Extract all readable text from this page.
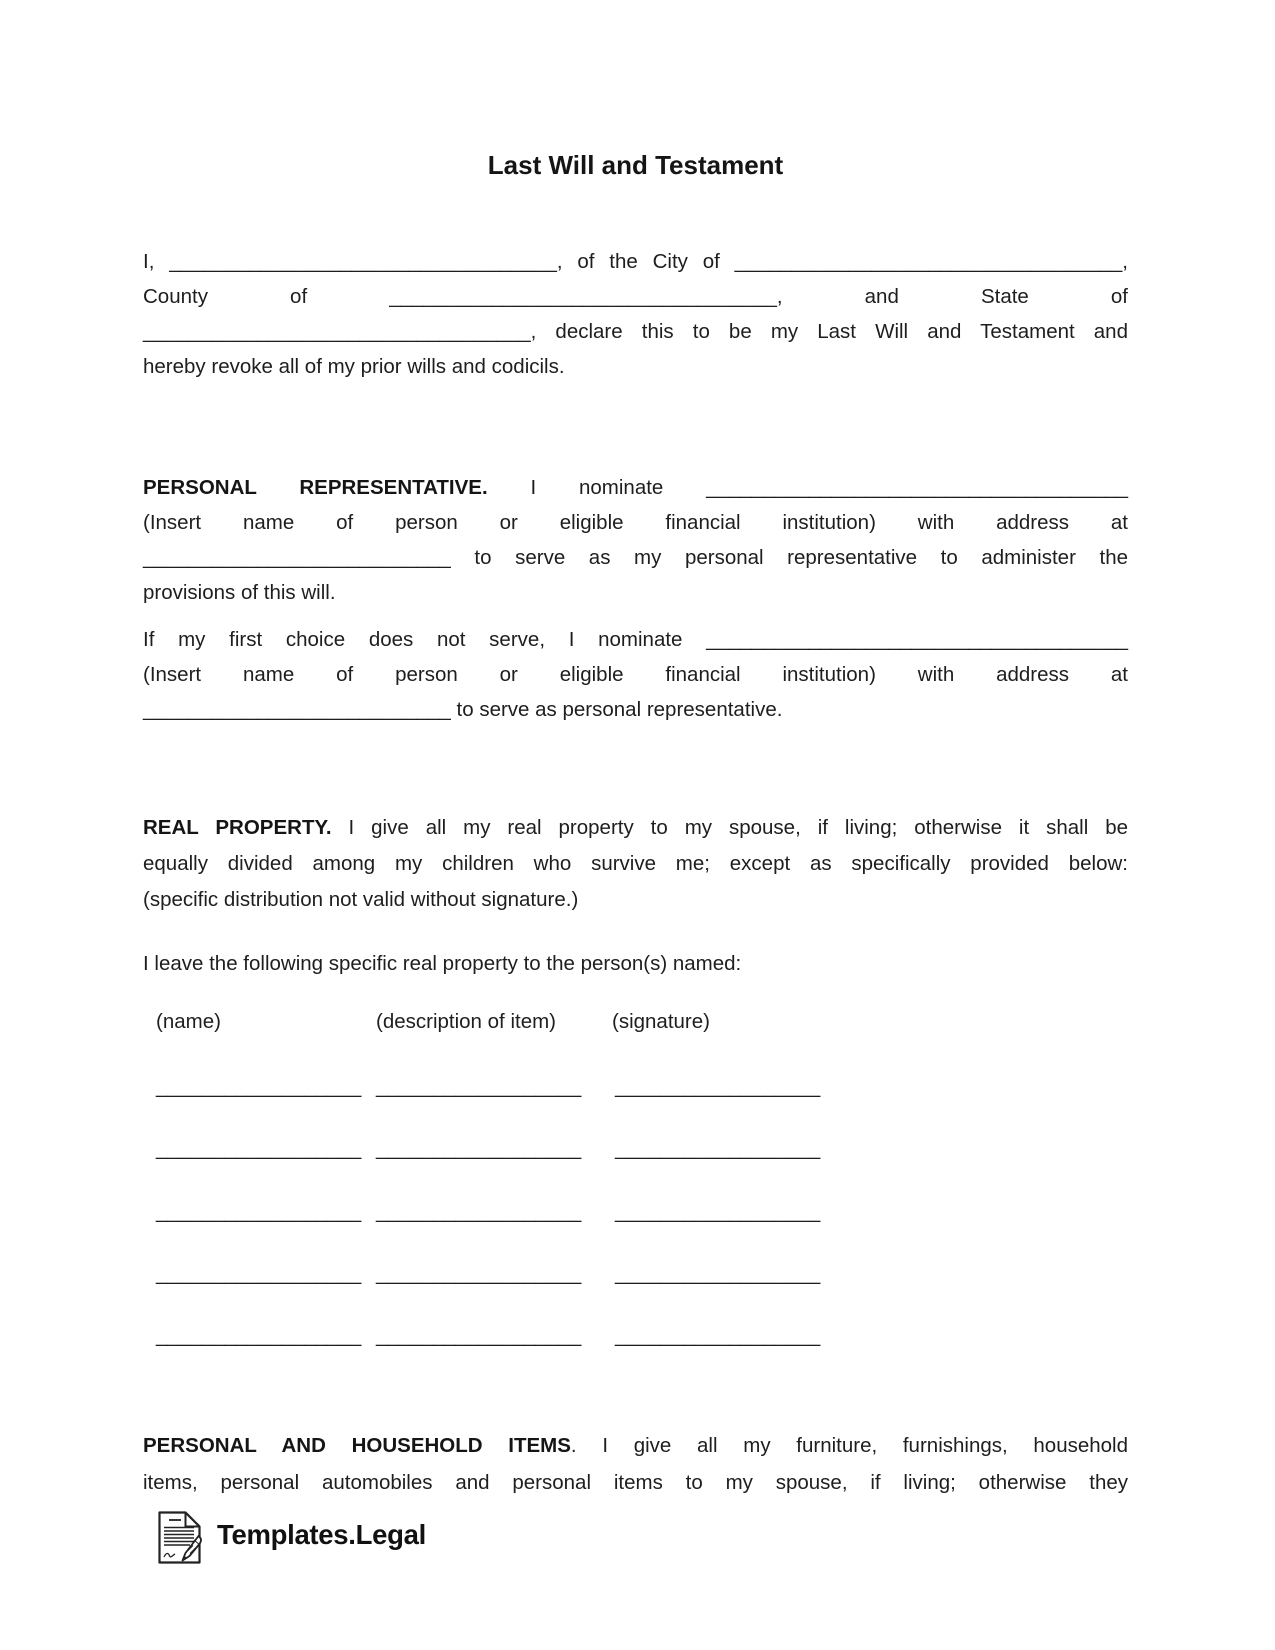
Last Will and Testament
I, __________________________________, of the City of __________________________________,
County of __________________________________, and State of
__________________________________, declare this to be my Last Will and Testament and
hereby revoke all of my prior wills and codicils.
PERSONAL REPRESENTATIVE. I nominate _____________________________________
(Insert name of person or eligible financial institution) with address at
___________________________ to serve as my personal representative to administer the
provisions of this will.
If my first choice does not serve, I nominate _____________________________________
(Insert name of person or eligible financial institution) with address at
___________________________ to serve as personal representative.
REAL PROPERTY. I give all my real property to my spouse, if living; otherwise it shall be
equally divided among my children who survive me; except as specifically provided below:
(specific distribution not valid without signature.)
I leave the following specific real property to the person(s) named:
(name)	(description of item)	(signature)
__________________ __________________ __________________
__________________ __________________ __________________
__________________ __________________ __________________
__________________ __________________ __________________
__________________ __________________ __________________
PERSONAL AND HOUSEHOLD ITEMS. I give all my furniture, furnishings, household
items, personal automobiles and personal items to my spouse, if living; otherwise they
Templates.Legal
